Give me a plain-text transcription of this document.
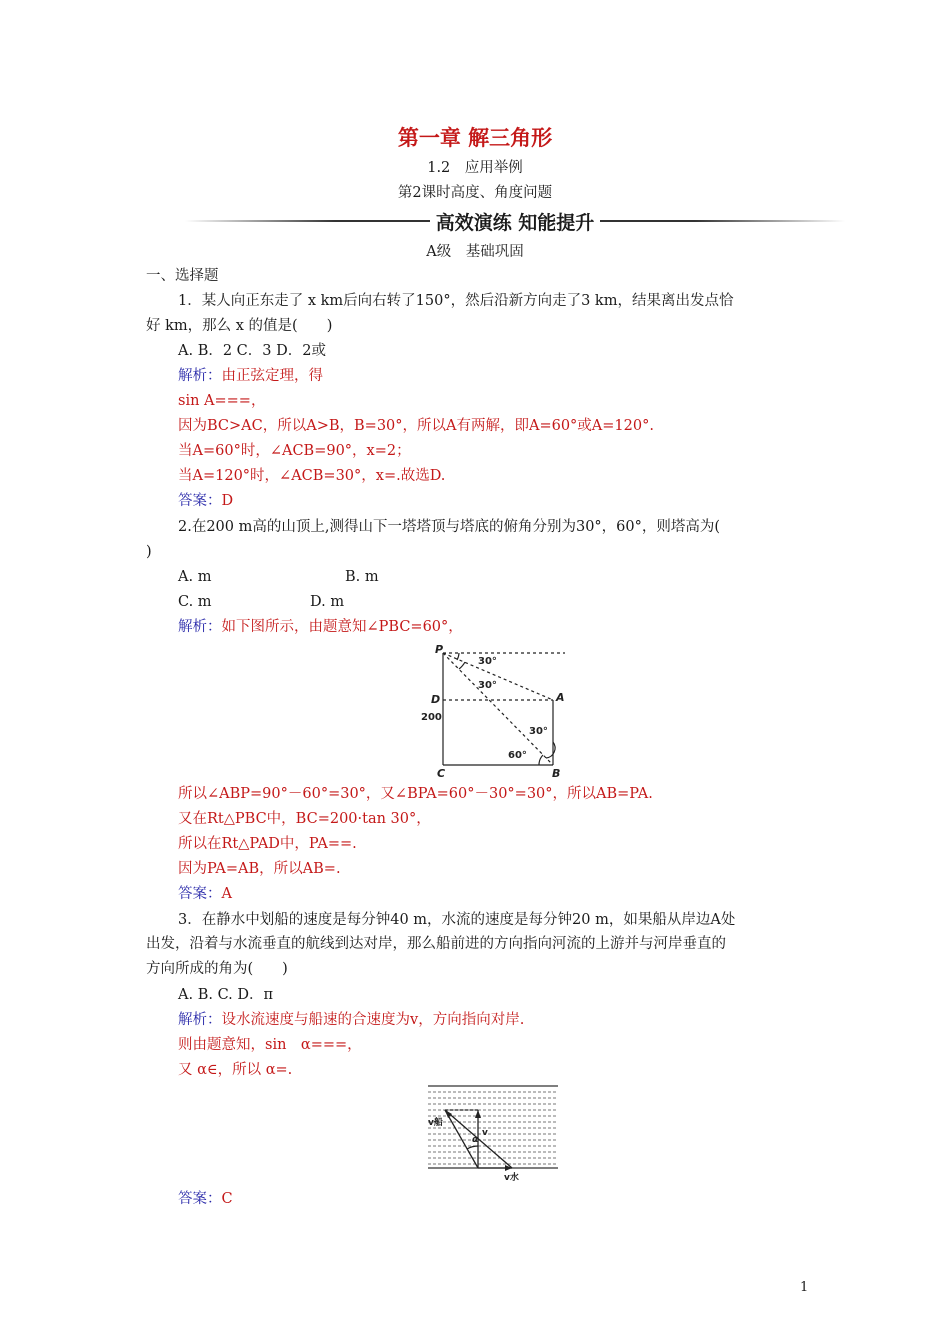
第一章 解三角形
1.2　应用举例
第2课时高度、角度问题
高效演练 知能提升
A级　基础巩固
一、选择题
1．某人向正东走了 x km后向右转了150°，然后沿新方向走了3 km，结果离出发点恰
好 km，那么 x 的值是(　　)
A. B．2 C．3 D．2或
解析：由正弦定理，得
sin A===，
因为BC>AC，所以A>B，B=30°，所以A有两解，即A=60°或A=120°.
当A=60°时，∠ACB=90°，x=2；
当A=120°时，∠ACB=30°，x=.故选D.
答案：D
2.在200 m高的山顶上,测得山下一塔塔顶与塔底的俯角分别为30°，60°，则塔高为(
)
A. m	B. m
C. m	D. m
解析：如下图所示，由题意知∠PBC=60°，
P
D
C
A
B
200
30°
30°
30°
60°
所以∠ABP=90°－60°=30°，又∠BPA=60°－30°=30°，所以AB=PA.
又在Rt△PBC中，BC=200·tan 30°，
所以在Rt△PAD中，PA==.
因为PA=AB，所以AB=.
答案：A
3．在静水中划船的速度是每分钟40 m，水流的速度是每分钟20 m，如果船从岸边A处
出发，沿着与水流垂直的航线到达对岸，那么船前进的方向指向河流的上游并与河岸垂直的
方向所成的角为(　　)
A. B. C. D．π
解析：设水流速度与船速的合速度为v，方向指向对岸.
则由题意知，sin　α===，
又 α∈，所以 α=.
v船
v
α
v水
答案：C
1
